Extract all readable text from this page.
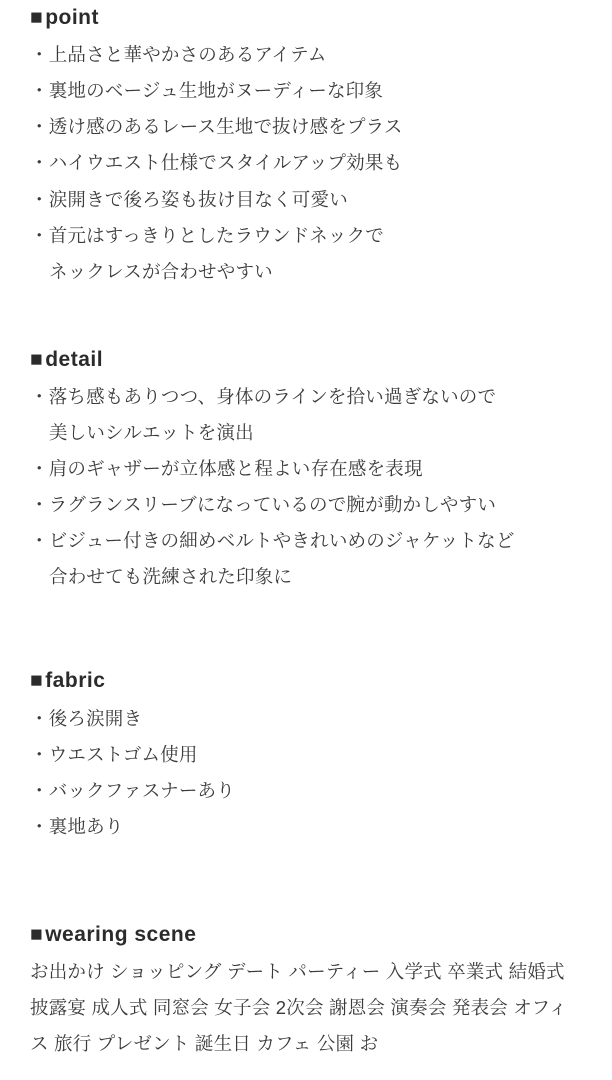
■point
・上品さと華やかさのあるアイテム
・裏地のベージュ生地がヌーディーな印象
・透け感のあるレース生地で抜け感をプラス
・ハイウエスト仕様でスタイルアップ効果も
・涙開きで後ろ姿も抜け目なく可愛い
・首元はすっきりとしたラウンドネックで
ネックレスが合わせやすい
■detail
・落ち感もありつつ、身体のラインを拾い過ぎないので
美しいシルエットを演出
・肩のギャザーが立体感と程よい存在感を表現
・ラグランスリーブになっているので腕が動かしやすい
・ビジュー付きの細めベルトやきれいめのジャケットなど
合わせても洗練された印象に
■fabric
・後ろ涙開き
・ウエストゴム使用
・バックファスナーあり
・裏地あり
■wearing scene
お出かけ ショッピング デート パーティー 入学式 卒業式 結婚式 披露宴 成人式 同窓会 女子会 2次会 謝恩会 演奏会 発表会 オフィス 旅行 プレゼント 誕生日 カフェ 公園 お
